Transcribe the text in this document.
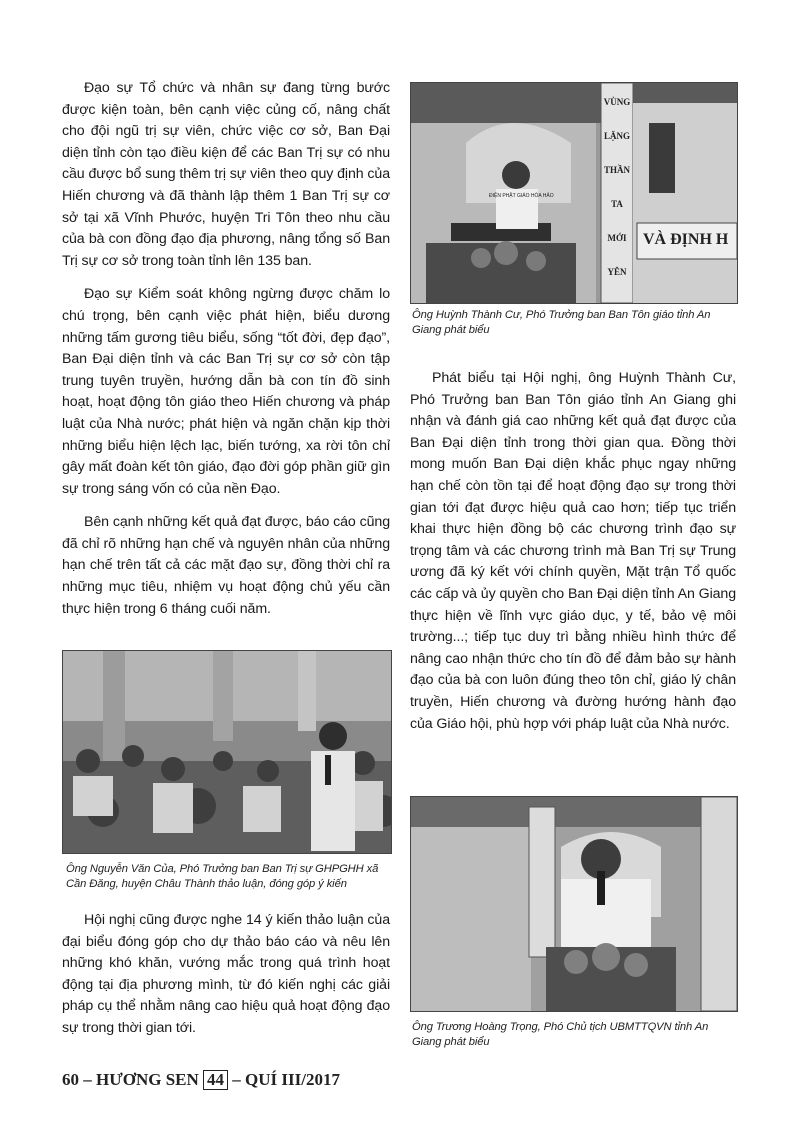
Đạo sự Tổ chức và nhân sự đang từng bước được kiện toàn, bên cạnh việc củng cố, nâng chất cho đội ngũ trị sự viên, chức việc cơ sở, Ban Đại diện tỉnh còn tạo điều kiện để các Ban Trị sự có nhu cầu được bổ sung thêm trị sự viên theo quy định của Hiến chương và đã thành lập thêm 1 Ban Trị sự cơ sở tại xã Vĩnh Phước, huyện Tri Tôn theo nhu cầu của bà con đồng đạo địa phương, nâng tổng số Ban Trị sự cơ sở trong toàn tỉnh lên 135 ban.

Đạo sự Kiểm soát không ngừng được chăm lo chú trọng, bên cạnh việc phát hiện, biểu dương những tấm gương tiêu biểu, sống “tốt đời, đẹp đạo”, Ban Đại diện tỉnh và các Ban Trị sự cơ sở còn tập trung tuyên truyền, hướng dẫn bà con tín đồ sinh hoạt, hoạt động tôn giáo theo Hiến chương và pháp luật của Nhà nước; phát hiện và ngăn chặn kịp thời những biểu hiện lệch lạc, biến tướng, xa rời tôn chỉ gây mất đoàn kết tôn giáo, đạo đời góp phần giữ gìn sự trong sáng vốn có của nền Đạo.

Bên cạnh những kết quả đạt được, báo cáo cũng đã chỉ rõ những hạn chế và nguyên nhân của những hạn chế trên tất cả các mặt đạo sự, đồng thời chỉ ra những mục tiêu, nhiệm vụ hoạt động chủ yếu cần thực hiện trong 6 tháng cuối năm.

Ông Nguyễn Văn Của, Phó Trưởng ban Ban Trị sự GHPGHH xã Cần Đăng, huyện Châu Thành thảo luận, đóng góp ý kiến

Hội nghị cũng được nghe 14 ý kiến thảo luận của đại biểu đóng góp cho dự thảo báo cáo và nêu lên những khó khăn, vướng mắc trong quá trình hoạt động tại địa phương mình, từ đó kiến nghị các giải pháp cụ thể nhằm nâng cao hiệu quả hoạt động đạo sự trong thời gian tới.

VÙNG
LẶNG
THẦN
TA
MỚI
YÊN
VÀ ĐỊNH H
ĐIỆN PHẬT GIÁO HÒA HẢO
Ông Huỳnh Thành Cư, Phó Trưởng ban Ban Tôn giáo tỉnh An Giang phát biểu

Phát biểu tại Hội nghị, ông Huỳnh Thành Cư, Phó Trưởng ban Ban Tôn giáo tỉnh An Giang ghi nhận và đánh giá cao những kết quả đạt được của Ban Đại diện tỉnh trong thời gian qua. Đồng thời mong muốn Ban Đại diện khắc phục ngay những hạn chế còn tồn tại để hoạt động đạo sự trong thời gian tới đạt được hiệu quả cao hơn; tiếp tục triển khai thực hiện đồng bộ các chương trình đạo sự trọng tâm và các chương trình mà Ban Trị sự Trung ương đã ký kết với chính quyền, Mặt trận Tổ quốc các cấp và ủy quyền cho Ban Đại diện tỉnh An Giang thực hiện về lĩnh vực giáo dục, y tế, bảo vệ môi trường...; tiếp tục duy trì bằng nhiều hình thức để nâng cao nhận thức cho tín đồ để đảm bảo sự hành đạo của bà con luôn đúng theo tôn chỉ, giáo lý chân truyền, Hiến chương và đường hướng hành đạo của Giáo hội, phù hợp với pháp luật của Nhà nước.

Ông Trương Hoàng Trọng, Phó Chủ tịch UBMTTQVN tỉnh An Giang phát biểu
60 – HƯƠNG SEN 44 – QUÍ III/2017
